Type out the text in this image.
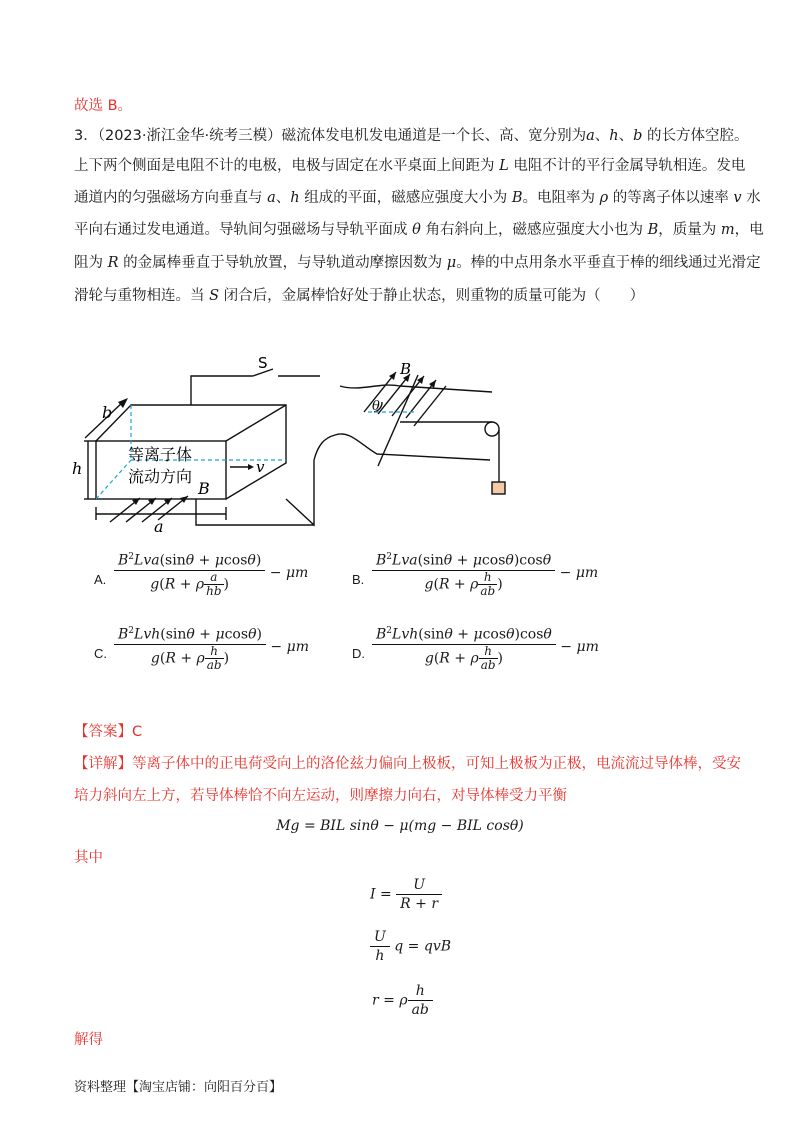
故选 B。
3．（2023·浙江金华·统考三模）磁流体发电机发电通道是一个长、高、宽分别为a、h、b 的长方体空腔。
上下两个侧面是电阻不计的电极，电极与固定在水平桌面上间距为 L 电阻不计的平行金属导轨相连。发电
通道内的匀强磁场方向垂直与 a、h 组成的平面，磁感应强度大小为 B。电阻率为 ρ 的等离子体以速率 v 水
平向右通过发电通道。导轨间匀强磁场与导轨平面成 θ 角右斜向上，磁感应强度大小也为 B，质量为 m，电
阻为 R 的金属棒垂直于导轨放置，与导轨道动摩擦因数为 μ。棒的中点用条水平垂直于棒的细线通过光滑定
滑轮与重物相连。当 S 闭合后，金属棒恰好处于静止状态，则重物的质量可能为（　　）
S
b
h
a
v
B
B
θ
等离子体
流动方向
A. $\frac{B^2Lva(\sin\theta + \mu\cos\theta)}{g(R + \rho \frac{a}{hb} )} - \mu m$	B. $\frac{B^2Lva(\sin\theta + \mu\cos\theta)\cos\theta}{g(R + \rho \frac{h}{ab} )} - \mu m$
C. $\frac{B^2Lvh(\sin\theta + \mu\cos\theta)}{g(R + \rho \frac{h}{ab} )} - \mu m$	D. $\frac{B^2Lvh(\sin\theta + \mu\cos\theta)\cos\theta}{g(R + \rho \frac{h}{ab} )} - \mu m$
【答案】C
【详解】等离子体中的正电荷受向上的洛伦兹力偏向上极板，可知上极板为正极，电流流过导体棒，受安
培力斜向左上方，若导体棒恰不向左运动，则摩擦力向右，对导体棒受力平衡
Mg = BIL sinθ − μ(mg − BIL cosθ)
其中
$I = \frac{U}{R + r}$
$\frac{U}{h}$ q = qvB
r = ρ $\frac{h}{ab}$
解得
资料整理【淘宝店铺：向阳百分百】
